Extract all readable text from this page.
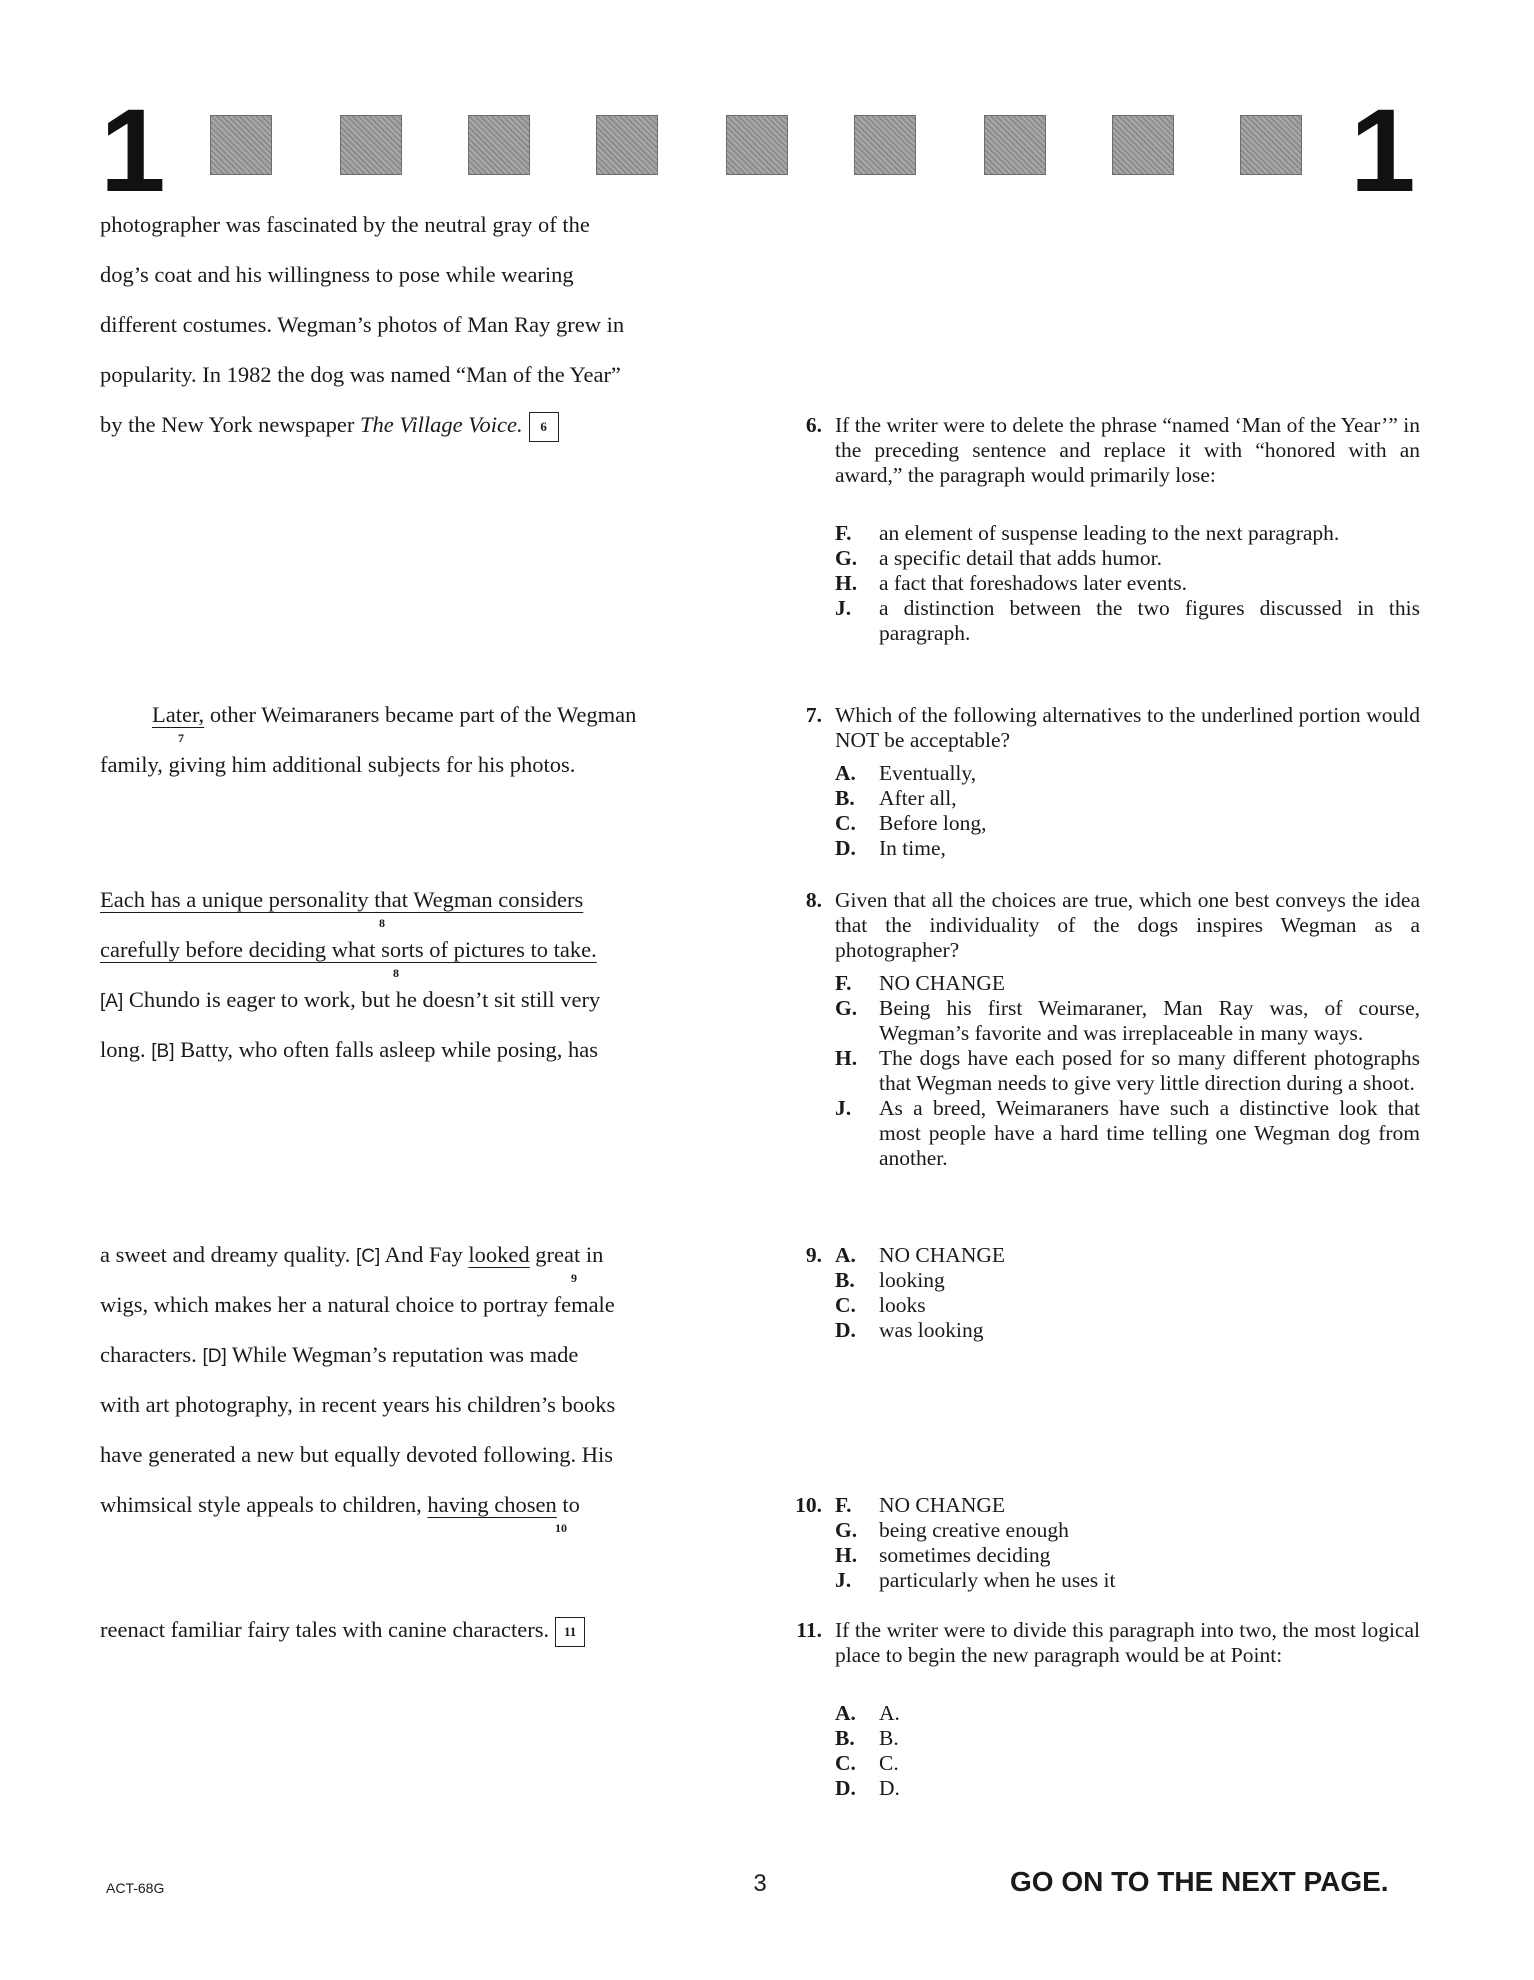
1	1
photographer was fascinated by the neutral gray of the
dog’s coat and his willingness to pose while wearing
different costumes. Wegman’s photos of Man Ray grew in
popularity. In 1982 the dog was named “Man of the Year”
by the New York newspaper The Village Voice. 6
Later, other Weimaraners became part of the Wegman
7
family, giving him additional subjects for his photos.
Each has a unique personality that Wegman considers
8
carefully before deciding what sorts of pictures to take.
8
[A] Chundo is eager to work, but he doesn’t sit still very
long. [B] Batty, who often falls asleep while posing, has
a sweet and dreamy quality. [C] And Fay looked great in
9
wigs, which makes her a natural choice to portray female
characters. [D] While Wegman’s reputation was made
with art photography, in recent years his children’s books
have generated a new but equally devoted following. His
whimsical style appeals to children, having chosen to
10
reenact familiar fairy tales with canine characters. 11
6. If the writer were to delete the phrase “named ‘Man of the Year’” in the preceding sentence and replace it with “honored with an award,” the paragraph would primarily lose:
F. an element of suspense leading to the next paragraph.
G. a specific detail that adds humor.
H. a fact that foreshadows later events.
J. a distinction between the two figures discussed in this paragraph.
7. Which of the following alternatives to the underlined portion would NOT be acceptable?
A. Eventually,
B. After all,
C. Before long,
D. In time,
8. Given that all the choices are true, which one best conveys the idea that the individuality of the dogs inspires Wegman as a photographer?
F. NO CHANGE
G. Being his first Weimaraner, Man Ray was, of course, Wegman’s favorite and was irreplaceable in many ways.
H. The dogs have each posed for so many different photographs that Wegman needs to give very little direction during a shoot.
J. As a breed, Weimaraners have such a distinctive look that most people have a hard time telling one Wegman dog from another.
9. A. NO CHANGE
B. looking
C. looks
D. was looking
10. F. NO CHANGE
G. being creative enough
H. sometimes deciding
J. particularly when he uses it
11. If the writer were to divide this paragraph into two, the most logical place to begin the new paragraph would be at Point:
A. A.
B. B.
C. C.
D. D.
ACT-68G	3	GO ON TO THE NEXT PAGE.
